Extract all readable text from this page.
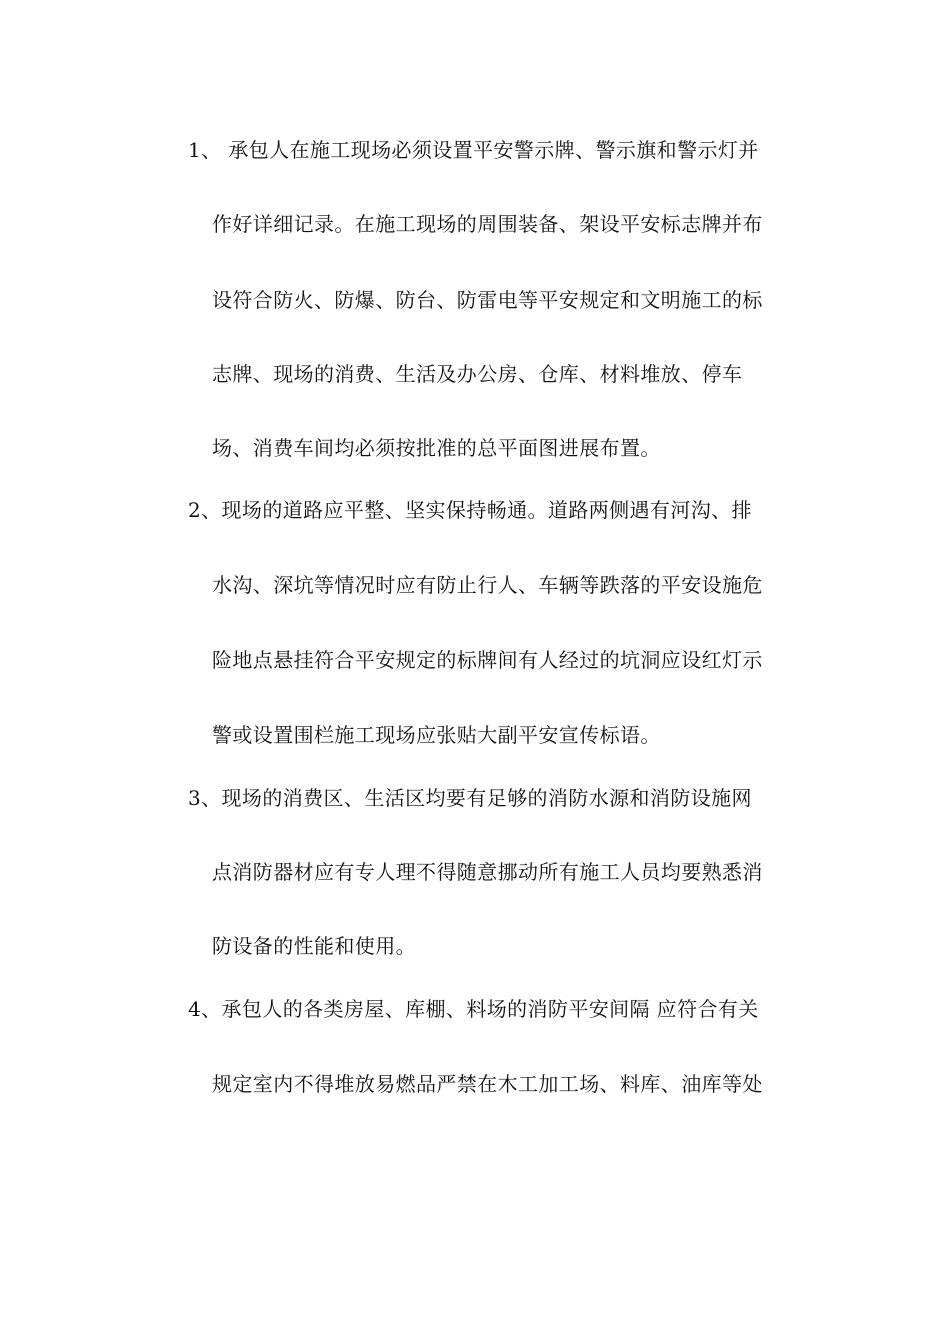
1、 承包人在施工现场必须设置平安警示牌、警示旗和警示灯并
作好详细记录。在施工现场的周围装备、架设平安标志牌并布
设符合防火、防爆、防台、防雷电等平安规定和文明施工的标
志牌、现场的消费、生活及办公房、仓库、材料堆放、停车
场、消费车间均必须按批准的总平面图进展布置。
2、现场的道路应平整、坚实保持畅通。道路两侧遇有河沟、排
水沟、深坑等情况时应有防止行人、车辆等跌落的平安设施危
险地点悬挂符合平安规定的标牌间有人经过的坑洞应设红灯示
警或设置围栏施工现场应张贴大副平安宣传标语。
3、现场的消费区、生活区均要有足够的消防水源和消防设施网
点消防器材应有专人理不得随意挪动所有施工人员均要熟悉消
防设备的性能和使用。
4、承包人的各类房屋、库棚、料场的消防平安间隔 应符合有关
规定室内不得堆放易燃品严禁在木工加工场、料库、油库等处
